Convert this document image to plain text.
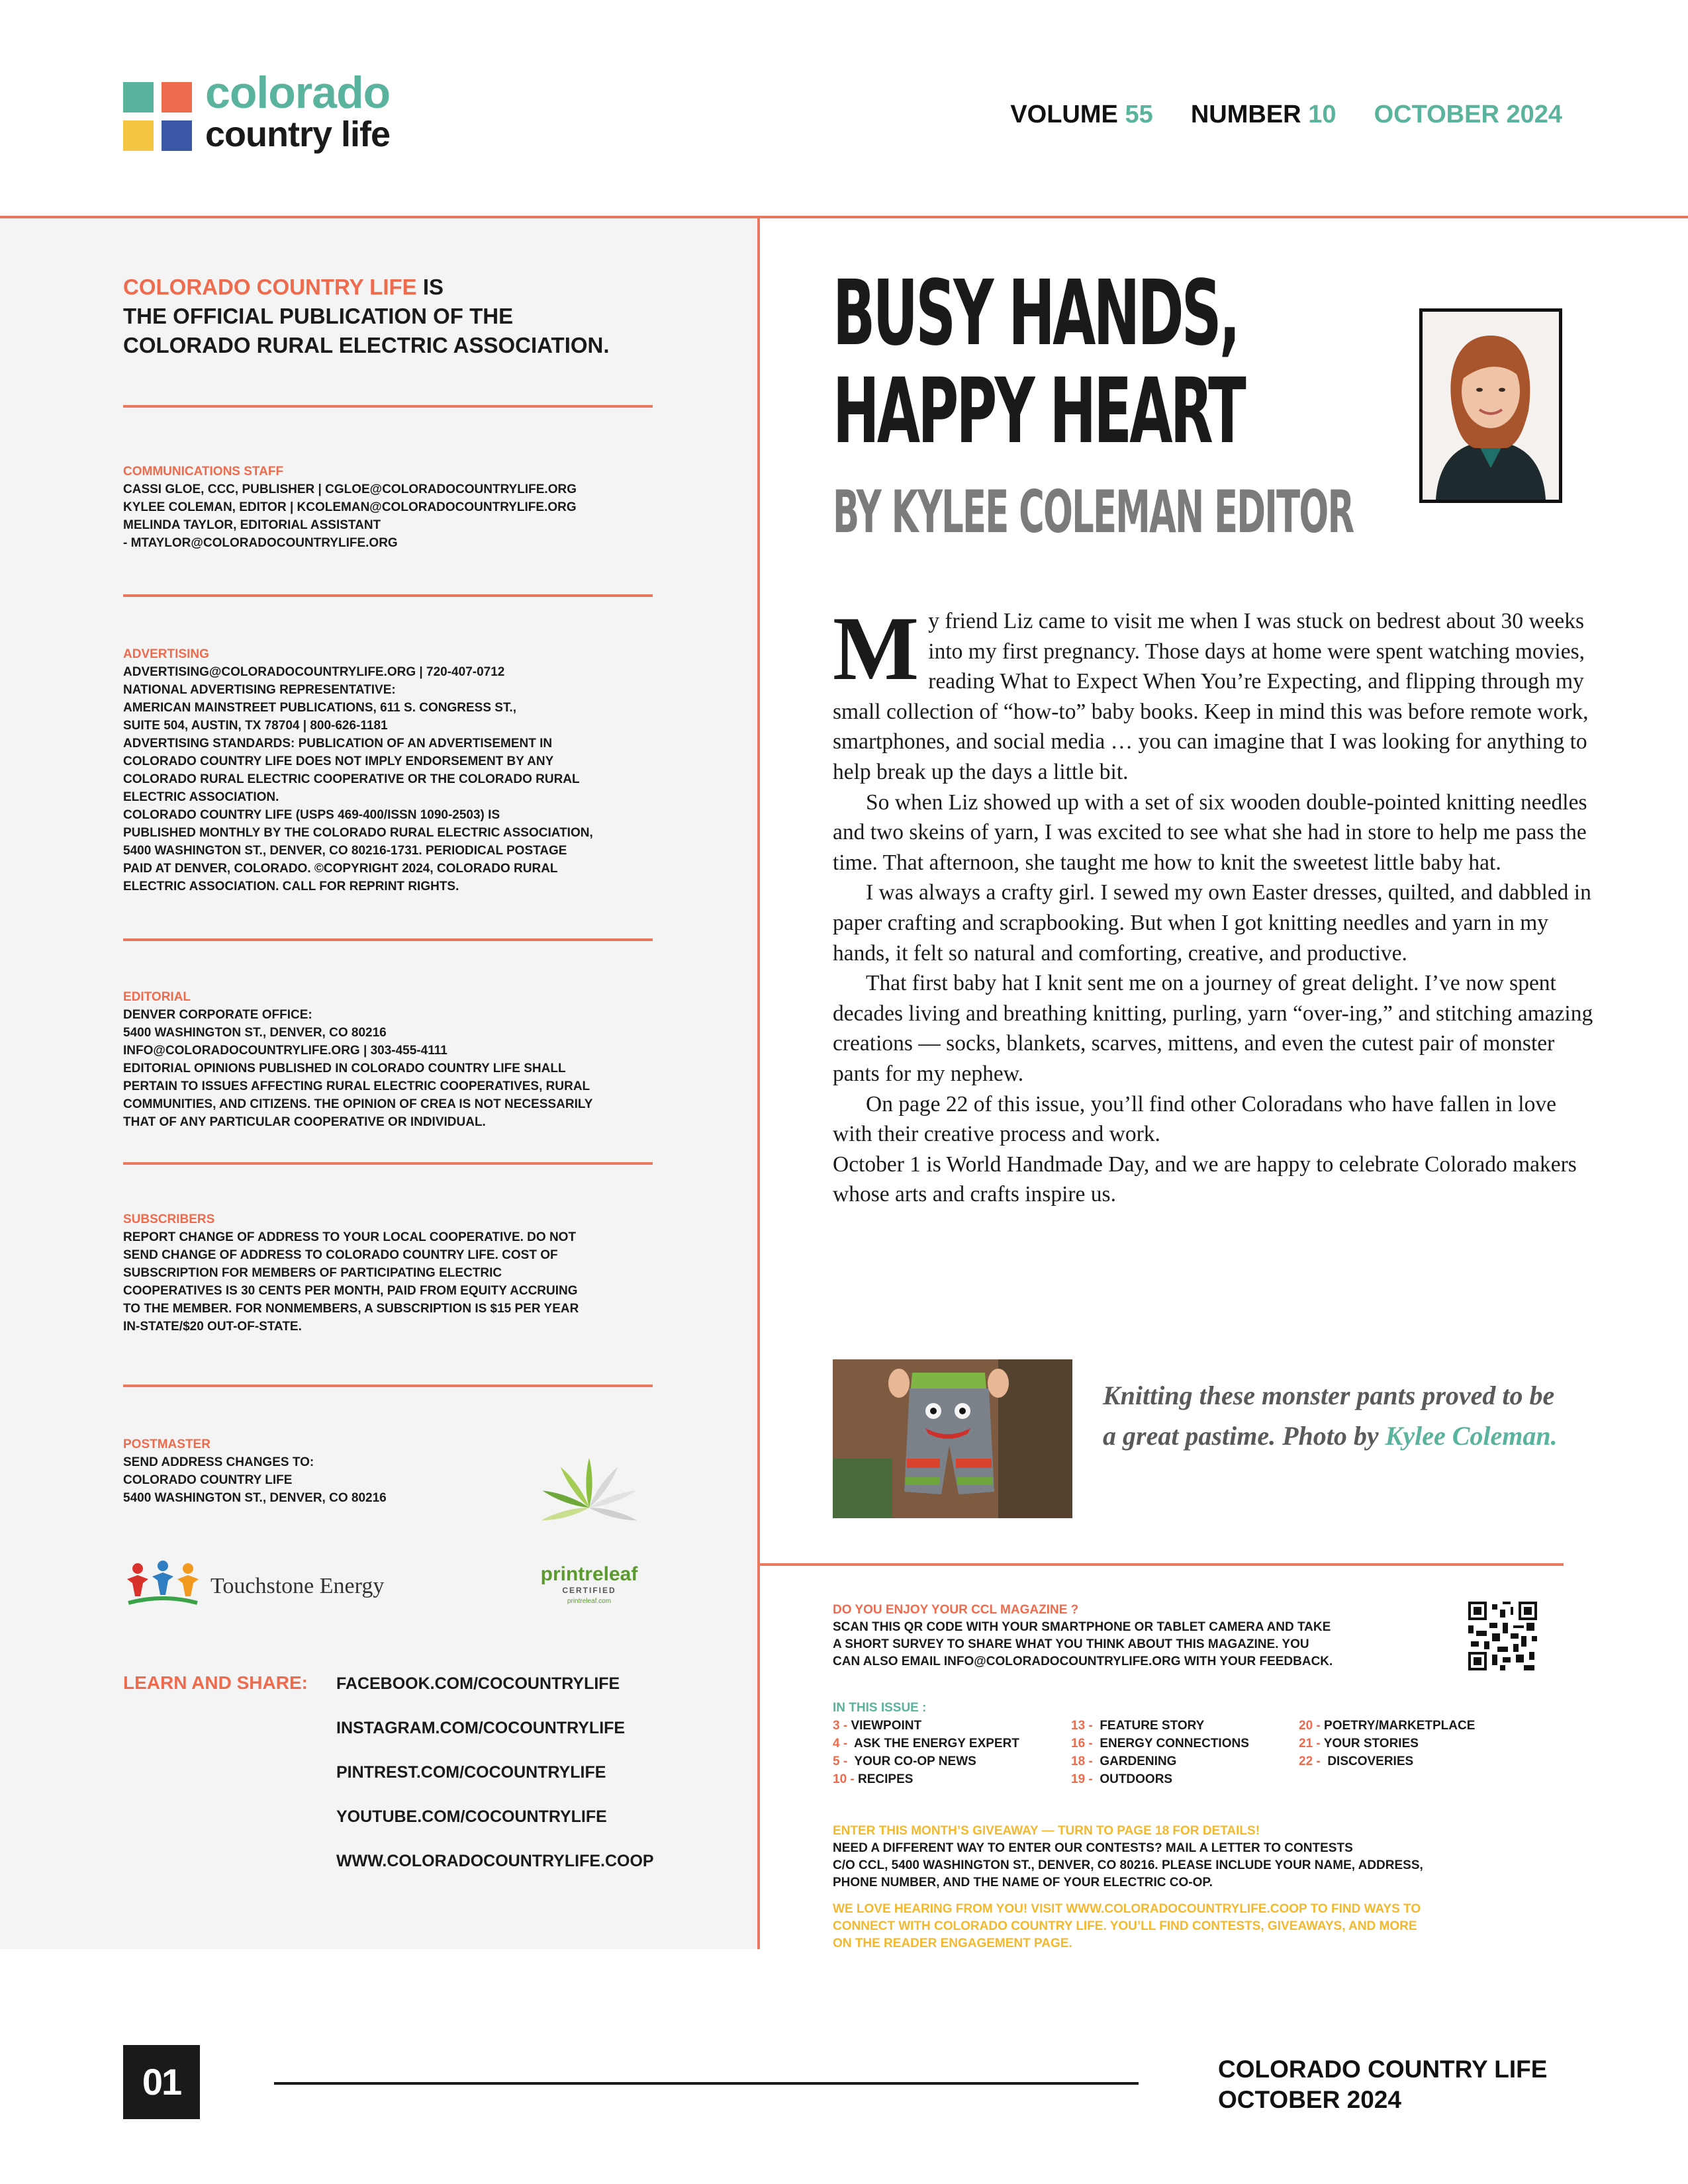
colorado
country life	VOLUME 55 NUMBER 10 OCTOBER 2024
COLORADO COUNTRY LIFE IS
THE OFFICIAL PUBLICATION OF THE
COLORADO RURAL ELECTRIC ASSOCIATION.
COMMUNICATIONS STAFF

CASSI GLOE, CCC, PUBLISHER | CGLOE@COLORADOCOUNTRYLIFE.ORG

KYLEE COLEMAN, EDITOR | KCOLEMAN@COLORADOCOUNTRYLIFE.ORG

MELINDA TAYLOR, EDITORIAL ASSISTANT

- MTAYLOR@COLORADOCOUNTRYLIFE.ORG

ADVERTISING

ADVERTISING@COLORADOCOUNTRYLIFE.ORG | 720-407-0712

NATIONAL ADVERTISING REPRESENTATIVE:

AMERICAN MAINSTREET PUBLICATIONS, 611 S. CONGRESS ST.,

SUITE 504, AUSTIN, TX 78704 | 800-626-1181

ADVERTISING STANDARDS: PUBLICATION OF AN ADVERTISEMENT IN

COLORADO COUNTRY LIFE DOES NOT IMPLY ENDORSEMENT BY ANY

COLORADO RURAL ELECTRIC COOPERATIVE OR THE COLORADO RURAL

ELECTRIC ASSOCIATION.

COLORADO COUNTRY LIFE (USPS 469-400/ISSN 1090-2503) IS

PUBLISHED MONTHLY BY THE COLORADO RURAL ELECTRIC ASSOCIATION,

5400 WASHINGTON ST., DENVER, CO 80216-1731. PERIODICAL POSTAGE

PAID AT DENVER, COLORADO. ©COPYRIGHT 2024, COLORADO RURAL

ELECTRIC ASSOCIATION. CALL FOR REPRINT RIGHTS.

EDITORIAL

DENVER CORPORATE OFFICE:

5400 WASHINGTON ST., DENVER, CO 80216

INFO@COLORADOCOUNTRYLIFE.ORG | 303-455-4111

EDITORIAL OPINIONS PUBLISHED IN COLORADO COUNTRY LIFE SHALL

PERTAIN TO ISSUES AFFECTING RURAL ELECTRIC COOPERATIVES, RURAL

COMMUNITIES, AND CITIZENS. THE OPINION OF CREA IS NOT NECESSARILY

THAT OF ANY PARTICULAR COOPERATIVE OR INDIVIDUAL.

SUBSCRIBERS

REPORT CHANGE OF ADDRESS TO YOUR LOCAL COOPERATIVE. DO NOT

SEND CHANGE OF ADDRESS TO COLORADO COUNTRY LIFE. COST OF

SUBSCRIPTION FOR MEMBERS OF PARTICIPATING ELECTRIC

COOPERATIVES IS 30 CENTS PER MONTH, PAID FROM EQUITY ACCRUING

TO THE MEMBER. FOR NONMEMBERS, A SUBSCRIPTION IS $15 PER YEAR

IN-STATE/$20 OUT-OF-STATE.

POSTMASTER

SEND ADDRESS CHANGES TO:

COLORADO COUNTRY LIFE

5400 WASHINGTON ST., DENVER, CO 80216

printreleaf
CERTIFIED
printreleaf.com
Touchstone Energy
LEARN AND SHARE: FACEBOOK.COM/COCOUNTRYLIFE
INSTAGRAM.COM/COCOUNTRYLIFE
PINTREST.COM/COCOUNTRYLIFE
YOUTUBE.COM/COCOUNTRYLIFE
WWW.COLORADOCOUNTRYLIFE.COOP
BUSY HANDS,
HAPPY HEART
BY KYLEE COLEMAN EDITOR

My friend Liz came to visit me when I was stuck on bedrest about 30 weeks into my first pregnancy. Those days at home were spent watching movies, reading What to Expect When You’re Expecting, and flipping through my small collection of “how-to” baby books. Keep in mind this was before remote work, smartphones, and social media … you can imagine that I was looking for anything to help break up the days a little bit.

So when Liz showed up with a set of six wooden double-pointed knitting needles and two skeins of yarn, I was excited to see what she had in store to help me pass the time. That afternoon, she taught me how to knit the sweetest little baby hat.

I was always a crafty girl. I sewed my own Easter dresses, quilted, and dabbled in paper crafting and scrapbooking. But when I got knitting needles and yarn in my hands, it felt so natural and comforting, creative, and productive.

That first baby hat I knit sent me on a journey of great delight. I’ve now spent decades living and breathing knitting, purling, yarn “over-ing,” and stitching amazing creations — socks, blankets, scarves, mittens, and even the cutest pair of monster pants for my nephew.

On page 22 of this issue, you’ll find other Coloradans who have fallen in love with their creative process and work.

October 1 is World Handmade Day, and we are happy to celebrate Colorado makers whose arts and crafts inspire us.

Knitting these monster pants proved to be a great pastime. Photo by Kylee Coleman.
DO YOU ENJOY YOUR CCL MAGAZINE ?
SCAN THIS QR CODE WITH YOUR SMARTPHONE OR TABLET CAMERA AND TAKE
A SHORT SURVEY TO SHARE WHAT YOU THINK ABOUT THIS MAGAZINE. YOU
CAN ALSO EMAIL INFO@COLORADOCOUNTRYLIFE.ORG WITH YOUR FEEDBACK.
IN THIS ISSUE :
3 - VIEWPOINT
4 - ASK THE ENERGY EXPERT
5 - YOUR CO-OP NEWS
10 - RECIPES
13 - FEATURE STORY
16 - ENERGY CONNECTIONS
18 - GARDENING
19 - OUTDOORS
20 - POETRY/MARKETPLACE
21 - YOUR STORIES
22 - DISCOVERIES
ENTER THIS MONTH’S GIVEAWAY — TURN TO PAGE 18 FOR DETAILS!
NEED A DIFFERENT WAY TO ENTER OUR CONTESTS? MAIL A LETTER TO CONTESTS
C/O CCL, 5400 WASHINGTON ST., DENVER, CO 80216. PLEASE INCLUDE YOUR NAME, ADDRESS,
PHONE NUMBER, AND THE NAME OF YOUR ELECTRIC CO-OP.
WE LOVE HEARING FROM YOU! VISIT WWW.COLORADOCOUNTRYLIFE.COOP TO FIND WAYS TO
CONNECT WITH COLORADO COUNTRY LIFE. YOU’LL FIND CONTESTS, GIVEAWAYS, AND MORE
ON THE READER ENGAGEMENT PAGE.
01	COLORADO COUNTRY LIFE
OCTOBER 2024
